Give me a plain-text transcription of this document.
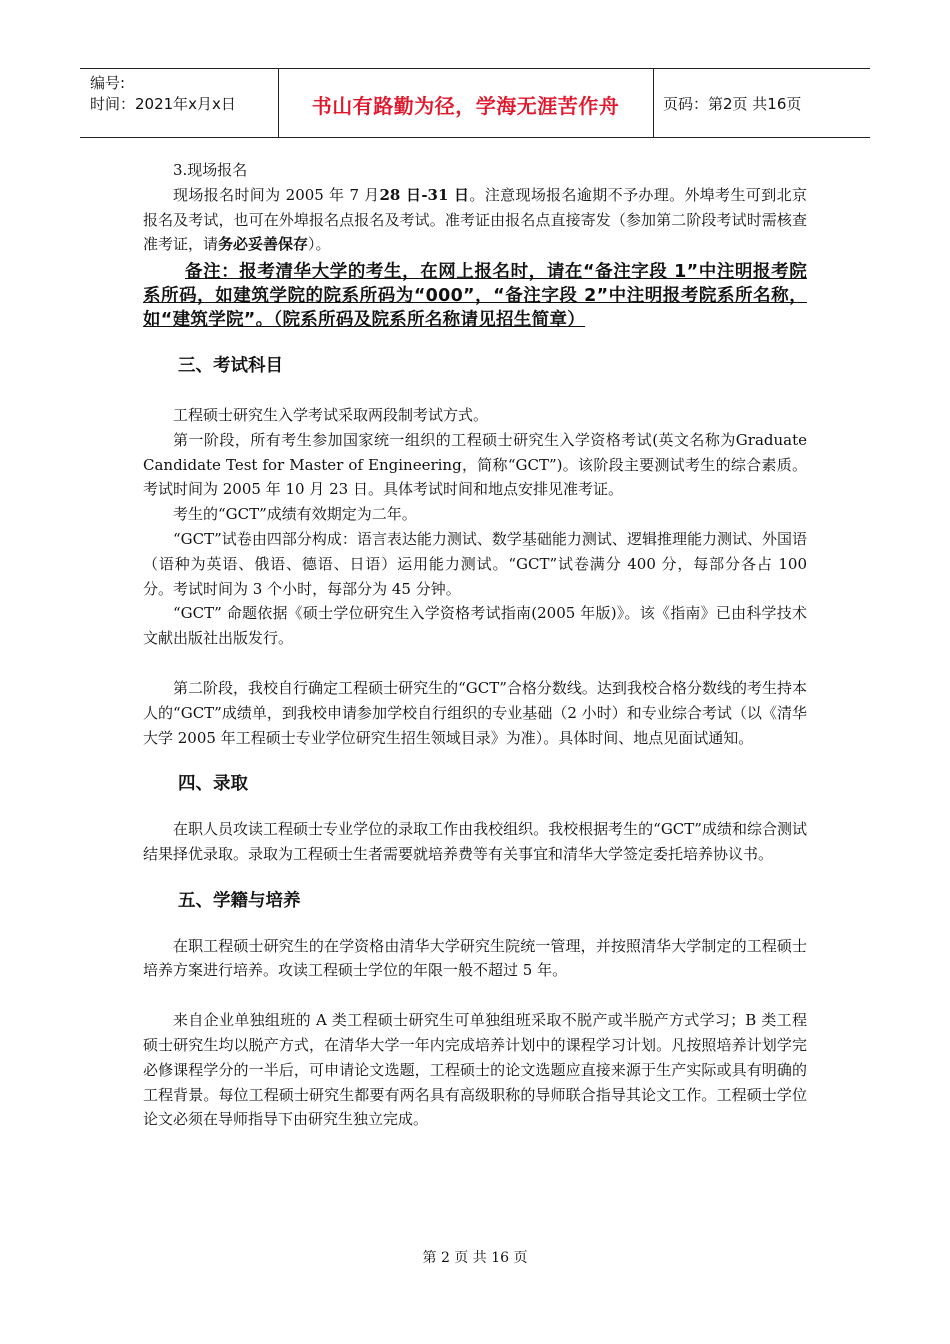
编号:
时间：2021年x月x日	书山有路勤为径，学海无涯苦作舟	页码：第2页 共16页

3.现场报名

现场报名时间为 2005 年 7 月28 日-31 日。注意现场报名逾期不予办理。外埠考生可到北京报名及考试，也可在外埠报名点报名及考试。准考证由报名点直接寄发（参加第二阶段考试时需核查准考证，请务必妥善保存）。

备注：报考清华大学的考生，在网上报名时，请在“备注字段 1”中注明报考院系所码，如建筑学院的院系所码为“000”，“备注字段 2”中注明报考院系所名称，如“建筑学院”。（院系所码及院系所名称请见招生简章）

三、考试科目

工程硕士研究生入学考试采取两段制考试方式。

第一阶段，所有考生参加国家统一组织的工程硕士研究生入学资格考试(英文名称为Graduate Candidate Test for Master of Engineering，简称“GCT”)。该阶段主要测试考生的综合素质。考试时间为 2005 年 10 月 23 日。具体考试时间和地点安排见准考证。

考生的“GCT”成绩有效期定为二年。

“GCT”试卷由四部分构成：语言表达能力测试、数学基础能力测试、逻辑推理能力测试、外国语（语种为英语、俄语、德语、日语）运用能力测试。“GCT”试卷满分 400 分，每部分各占 100 分。考试时间为 3 个小时，每部分为 45 分钟。

“GCT” 命题依据《硕士学位研究生入学资格考试指南(2005 年版)》。该《指南》已由科学技术文献出版社出版发行。

第二阶段，我校自行确定工程硕士研究生的“GCT”合格分数线。达到我校合格分数线的考生持本人的“GCT”成绩单，到我校申请参加学校自行组织的专业基础（2 小时）和专业综合考试（以《清华大学 2005 年工程硕士专业学位研究生招生领域目录》为准）。具体时间、地点见面试通知。

四、录取

在职人员攻读工程硕士专业学位的录取工作由我校组织。我校根据考生的“GCT”成绩和综合测试结果择优录取。录取为工程硕士生者需要就培养费等有关事宜和清华大学签定委托培养协议书。

五、学籍与培养

在职工程硕士研究生的在学资格由清华大学研究生院统一管理，并按照清华大学制定的工程硕士培养方案进行培养。攻读工程硕士学位的年限一般不超过 5 年。

来自企业单独组班的 A 类工程硕士研究生可单独组班采取不脱产或半脱产方式学习；B 类工程硕士研究生均以脱产方式，在清华大学一年内完成培养计划中的课程学习计划。凡按照培养计划学完必修课程学分的一半后，可申请论文选题，工程硕士的论文选题应直接来源于生产实际或具有明确的工程背景。每位工程硕士研究生都要有两名具有高级职称的导师联合指导其论文工作。工程硕士学位论文必须在导师指导下由研究生独立完成。

第 2 页 共 16 页
